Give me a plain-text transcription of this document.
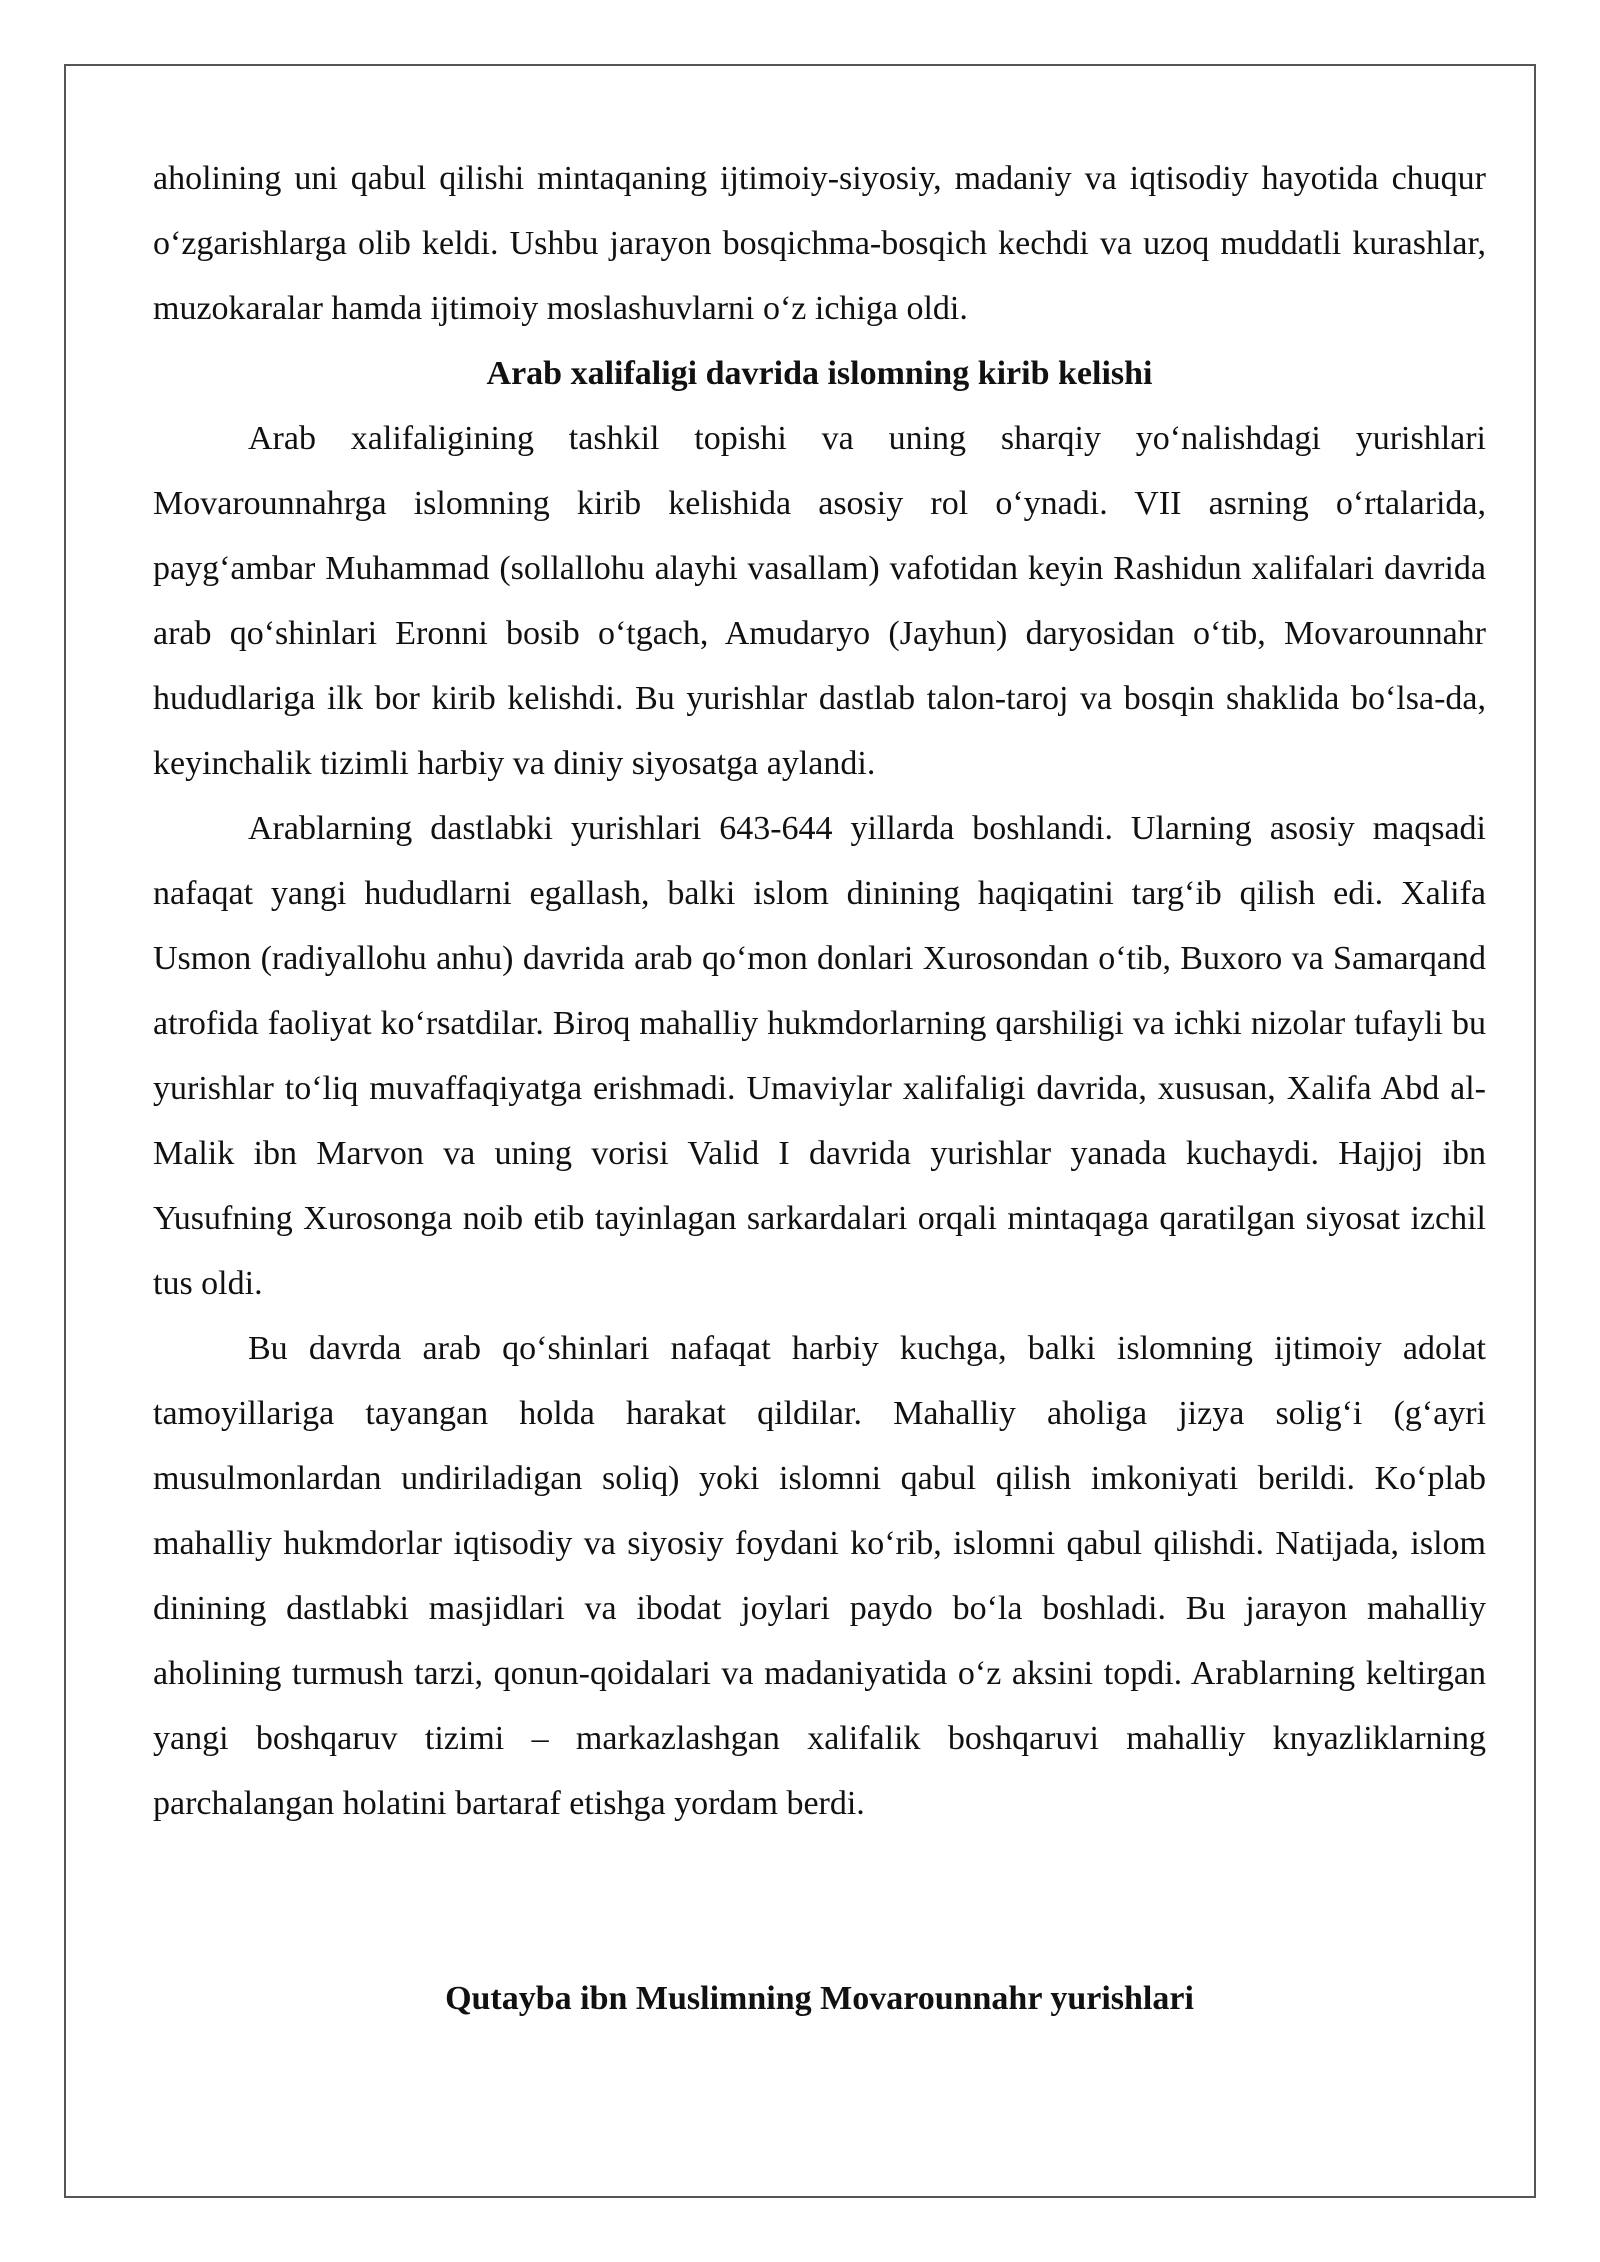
aholining uni qabul qilishi mintaqaning ijtimoiy-siyosiy, madaniy va iqtisodiy hayotida chuqur o‘zgarishlarga olib keldi. Ushbu jarayon bosqichma-bosqich kechdi va uzoq muddatli kurashlar, muzokaralar hamda ijtimoiy moslashuvlarni o‘z ichiga oldi.

Arab xalifaligi davrida islomning kirib kelishi

Arab xalifaligining tashkil topishi va uning sharqiy yo‘nalishdagi yurishlari Movarounnahrga islomning kirib kelishida asosiy rol o‘ynadi. VII asrning o‘rtalarida, payg‘ambar Muhammad (sollallohu alayhi vasallam) vafotidan keyin Rashidun xalifalari davrida arab qo‘shinlari Eronni bosib o‘tgach, Amudaryo (Jayhun) daryosidan o‘tib, Movarounnahr hududlariga ilk bor kirib kelishdi. Bu yurishlar dastlab talon-taroj va bosqin shaklida bo‘lsa-da, keyinchalik tizimli harbiy va diniy siyosatga aylandi.

Arablarning dastlabki yurishlari 643-644 yillarda boshlandi. Ularning asosiy maqsadi nafaqat yangi hududlarni egallash, balki islom dinining haqiqatini targ‘ib qilish edi. Xalifa Usmon (radiyallohu anhu) davrida arab qo‘mon donlari Xurosondan o‘tib, Buxoro va Samarqand atrofida faoliyat ko‘rsatdilar. Biroq mahalliy hukmdorlarning qarshiligi va ichki nizolar tufayli bu yurishlar to‘liq muvaffaqiyatga erishmadi. Umaviylar xalifaligi davrida, xususan, Xalifa Abd al-Malik ibn Marvon va uning vorisi Valid I davrida yurishlar yanada kuchaydi. Hajjoj ibn Yusufning Xurosonga noib etib tayinlagan sarkardalari orqali mintaqaga qaratilgan siyosat izchil tus oldi.

Bu davrda arab qo‘shinlari nafaqat harbiy kuchga, balki islomning ijtimoiy adolat tamoyillariga tayangan holda harakat qildilar. Mahalliy aholiga jizya solig‘i (g‘ayri musulmonlardan undiriladigan soliq) yoki islomni qabul qilish imkoniyati berildi. Ko‘plab mahalliy hukmdorlar iqtisodiy va siyosiy foydani ko‘rib, islomni qabul qilishdi. Natijada, islom dinining dastlabki masjidlari va ibodat joylari paydo bo‘la boshladi. Bu jarayon mahalliy aholining turmush tarzi, qonun-qoidalari va madaniyatida o‘z aksini topdi. Arablarning keltirgan yangi boshqaruv tizimi – markazlashgan xalifalik boshqaruvi mahalliy knyazliklarning parchalangan holatini bartaraf etishga yordam berdi.

Qutayba ibn Muslimning Movarounnahr yurishlari
